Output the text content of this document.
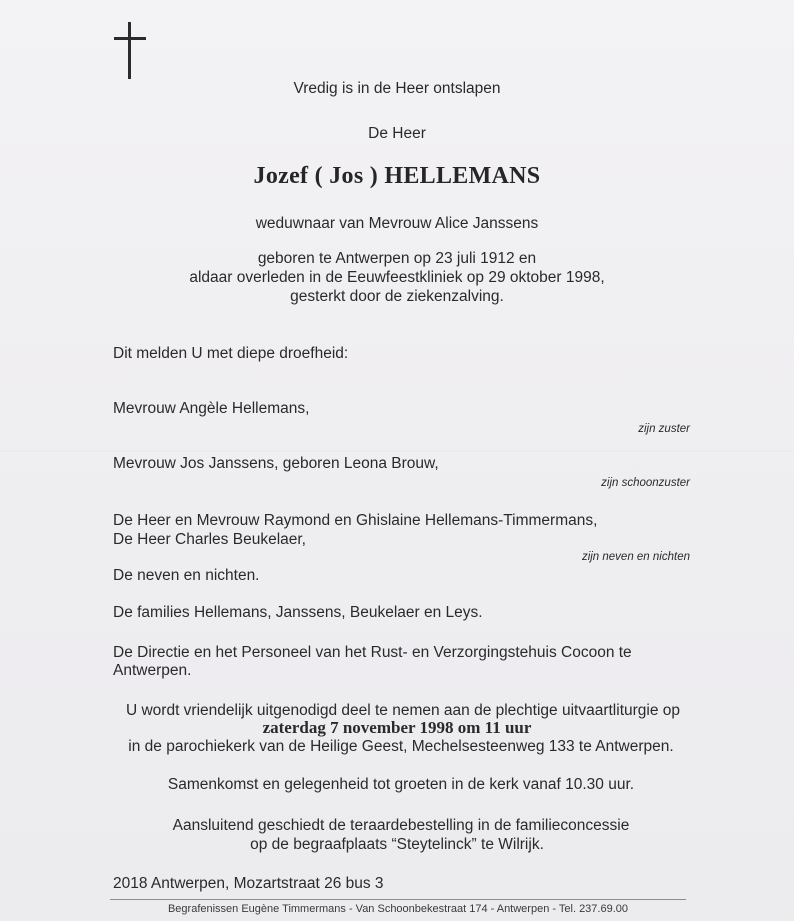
Vredig is in de Heer ontslapen
De Heer
Jozef ( Jos ) HELLEMANS
weduwnaar van Mevrouw Alice Janssens
geboren te Antwerpen op 23 juli 1912 en
aldaar overleden in de Eeuwfeestkliniek op 29 oktober 1998,
gesterkt door de ziekenzalving.
Dit melden U met diepe droefheid:
Mevrouw Angèle Hellemans,
zijn zuster
Mevrouw Jos Janssens, geboren Leona Brouw,
zijn schoonzuster
De Heer en Mevrouw Raymond en Ghislaine Hellemans-Timmermans,
De Heer Charles Beukelaer,
zijn neven en nichten
De neven en nichten.
De families Hellemans, Janssens, Beukelaer en Leys.
De Directie en het Personeel van het Rust- en Verzorgingstehuis Cocoon te
Antwerpen.
U wordt vriendelijk uitgenodigd deel te nemen aan de plechtige uitvaartliturgie op
zaterdag 7 november 1998 om 11 uur
in de parochiekerk van de Heilige Geest, Mechelsesteenweg 133 te Antwerpen.
Samenkomst en gelegenheid tot groeten in de kerk vanaf 10.30 uur.
Aansluitend geschiedt de teraardebestelling in de familieconcessie
op de begraafplaats “Steytelinck” te Wilrijk.
2018 Antwerpen, Mozartstraat 26 bus 3
Begrafenissen Eugène Timmermans - Van Schoonbekestraat 174 - Antwerpen - Tel. 237.69.00
